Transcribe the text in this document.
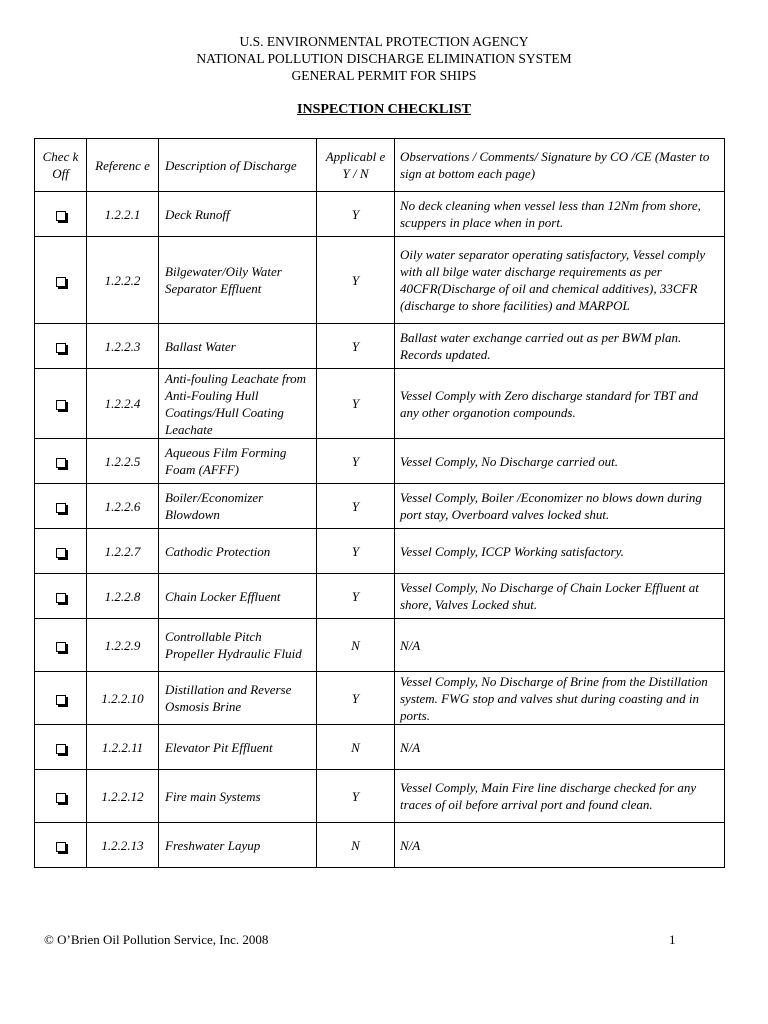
U.S. ENVIRONMENTAL PROTECTION AGENCY
NATIONAL POLLUTION DISCHARGE ELIMINATION SYSTEM
GENERAL PERMIT FOR SHIPS
INSPECTION CHECKLIST
Chec k Off	Referenc e	Description of Discharge	Applicabl e Y / N	Observations / Comments/ Signature by CO /CE (Master to sign at bottom each page)
	1.2.2.1	Deck Runoff	Y	No deck cleaning when vessel less than 12Nm from shore, scuppers in place when in port.
	1.2.2.2	Bilgewater/Oily Water Separator Effluent	Y	Oily water separator operating satisfactory, Vessel comply with all bilge water discharge requirements as per 40CFR(Discharge of oil and chemical additives), 33CFR (discharge to shore facilities) and MARPOL
	1.2.2.3	Ballast Water	Y	Ballast water exchange carried out as per BWM plan. Records updated.
	1.2.2.4	Anti-fouling Leachate from Anti-Fouling Hull Coatings/Hull Coating Leachate	Y	Vessel Comply with Zero discharge standard for TBT and any other organotion compounds.
	1.2.2.5	Aqueous Film Forming Foam (AFFF)	Y	Vessel Comply, No Discharge carried out.
	1.2.2.6	Boiler/Economizer Blowdown	Y	Vessel Comply, Boiler /Economizer no blows down during port stay, Overboard valves locked shut.
	1.2.2.7	Cathodic Protection	Y	Vessel Comply, ICCP Working satisfactory.
	1.2.2.8	Chain Locker Effluent	Y	Vessel Comply, No Discharge of Chain Locker Effluent at shore, Valves Locked shut.
	1.2.2.9	Controllable Pitch Propeller Hydraulic Fluid	N	N/A
	1.2.2.10	Distillation and Reverse Osmosis Brine	Y	Vessel Comply, No Discharge of Brine from the Distillation system. FWG stop and valves shut during coasting and in ports.
	1.2.2.11	Elevator Pit Effluent	N	N/A
	1.2.2.12	Fire main Systems	Y	Vessel Comply, Main Fire line discharge checked for any traces of oil before arrival port and found clean.
	1.2.2.13	Freshwater Layup	N	N/A
© O’Brien Oil Pollution Service, Inc. 2008	1
